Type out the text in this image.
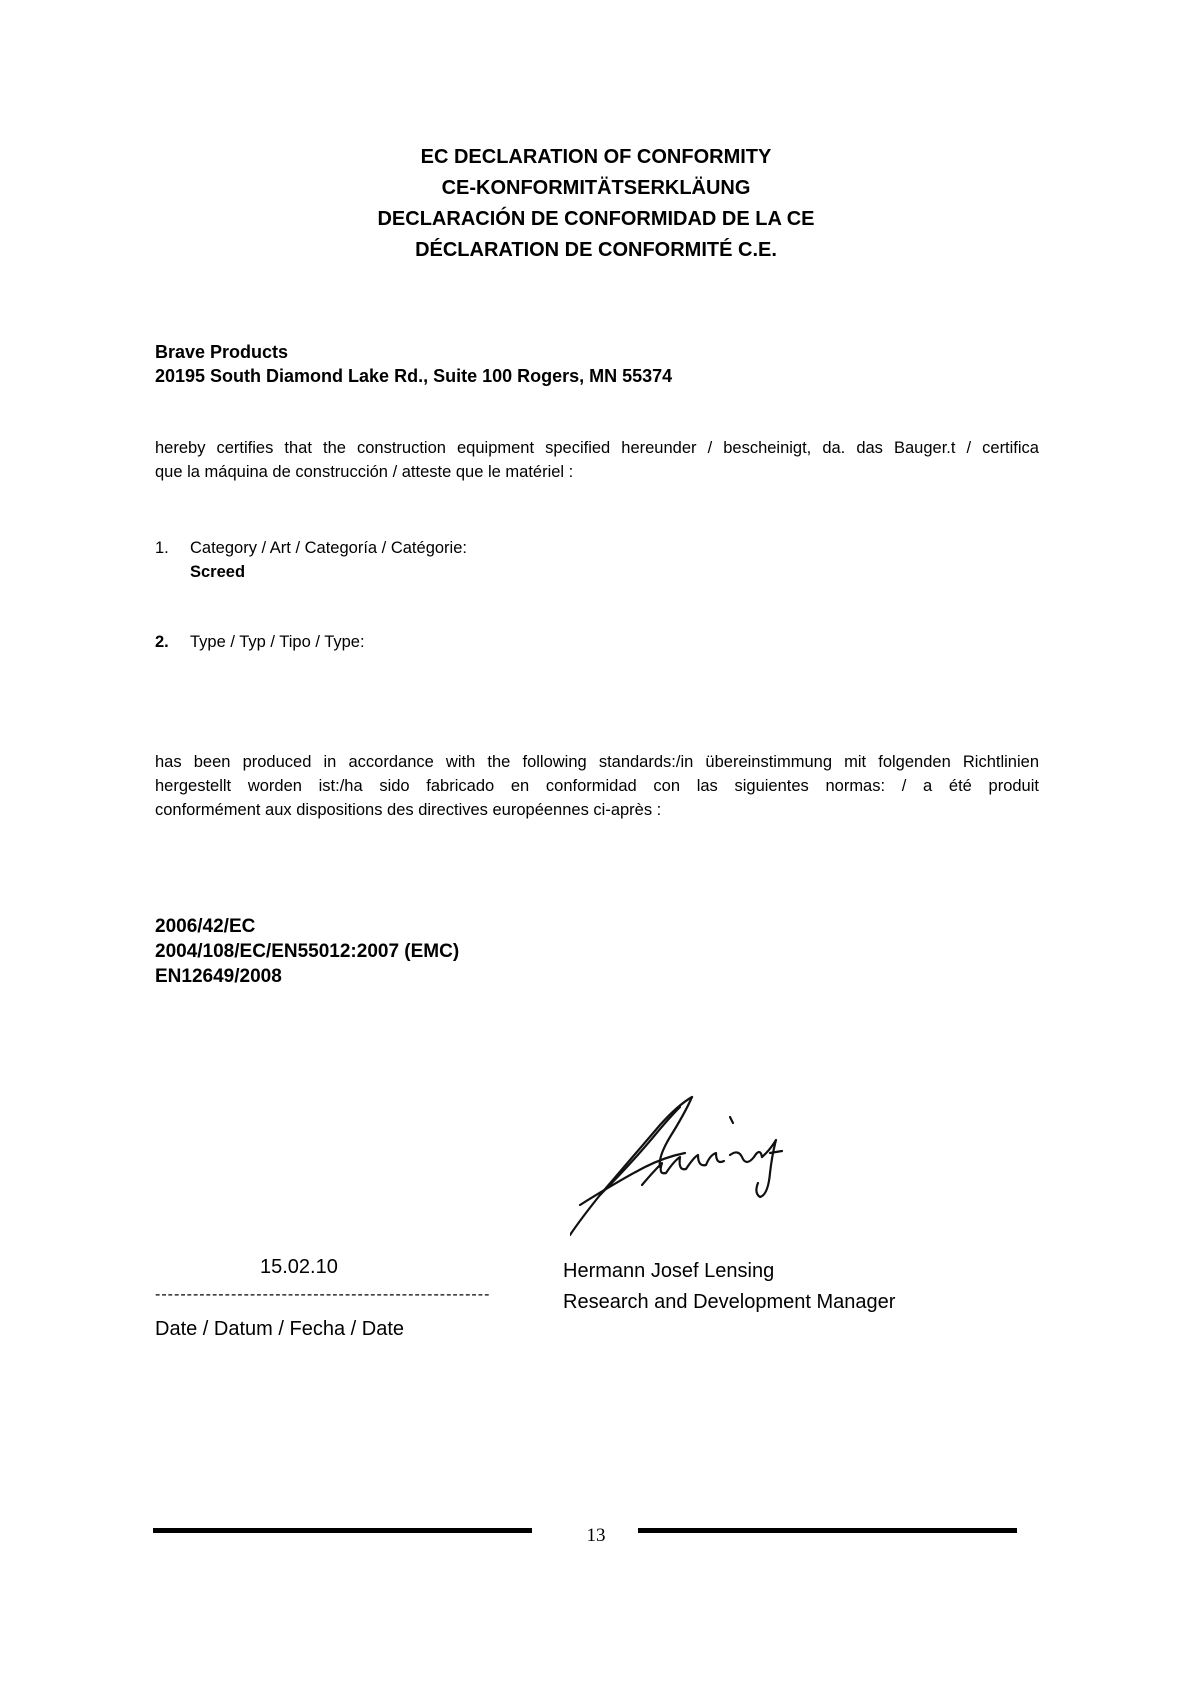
EC DECLARATION OF CONFORMITY
CE-KONFORMITÄTSERKLÄUNG
DECLARACIÓN DE CONFORMIDAD DE LA CE
DÉCLARATION DE CONFORMITÉ C.E.
Brave Products
20195 South Diamond Lake Rd., Suite 100 Rogers, MN 55374
hereby certifies that the construction equipment specified hereunder / bescheinigt, da. das Bauger.t / certifica
que la máquina de construcción / atteste que le matériel :
1. Category / Art / Categoría / Catégorie:
Screed
2. Type / Typ / Tipo / Type:
has been produced in accordance with the following standards:/in übereinstimmung mit folgenden Richtlinien
hergestellt worden ist:/ha sido fabricado en conformidad con las siguientes normas: / a été produit
conformément aux dispositions des directives européennes ci-après :
2006/42/EC
2004/108/EC/EN55012:2007 (EMC)
EN12649/2008
15.02.10
-----------------------------------------------------
Date / Datum / Fecha / Date
Hermann Josef Lensing
Research and Development Manager
13
